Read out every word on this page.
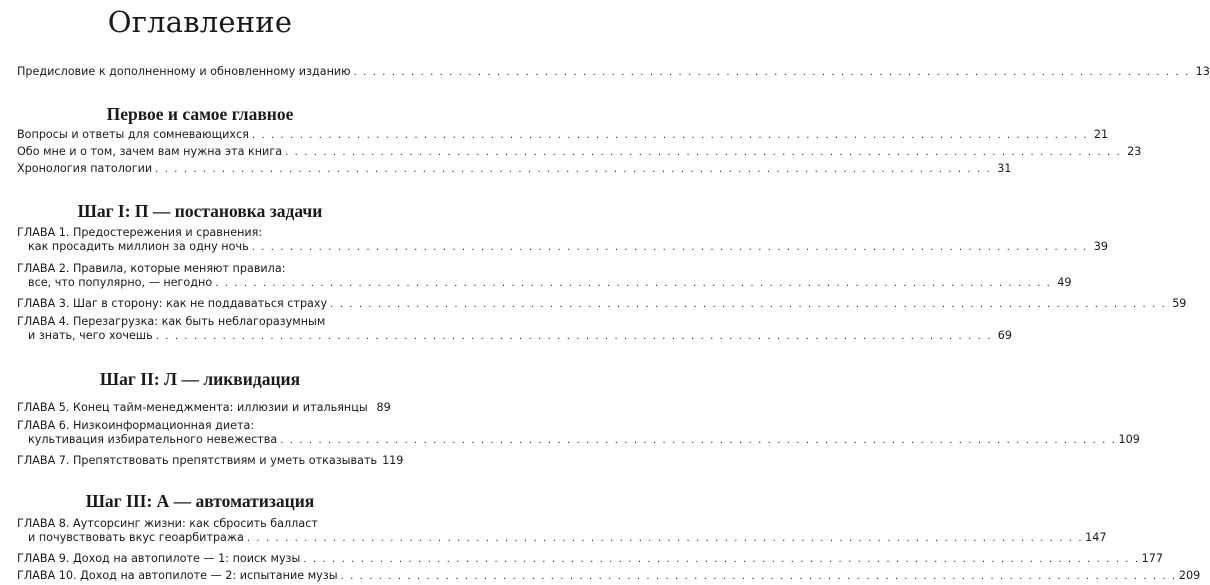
Оглавление
Предисловие к дополненному и обновленному изданию . . .	13
Первое и самое главное
Вопросы и ответы для сомневающихся . . .	21
Обо мне и о том, зачем вам нужна эта книга . . .	23
Хронология патологии . . .	31
Шаг I: П — постановка задачи
ГЛАВА 1. Предостережения и сравнения:
как просадить миллион за одну ночь . . .	39
ГЛАВА 2. Правила, которые меняют правила:
все, что популярно, — негодно . . .	49
ГЛАВА 3. Шаг в сторону: как не поддаваться страху . . .	59
ГЛАВА 4. Перезагрузка: как быть неблагоразумным
и знать, чего хочешь . . .	69
Шаг II: Л — ликвидация
ГЛАВА 5. Конец тайм-менеджмента: иллюзии и итальянцы 89
ГЛАВА 6. Низкоинформационная диета:
культивация избирательного невежества . . .	109
ГЛАВА 7. Препятствовать препятствиям и уметь отказывать 119
Шаг III: А — автоматизация
ГЛАВА 8. Аутсорсинг жизни: как сбросить балласт
и почувствовать вкус геоарбитража . . .	147
ГЛАВА 9. Доход на автопилоте — 1: поиск музы . . .	177
ГЛАВА 10. Доход на автопилоте — 2: испытание музы . . .	209
